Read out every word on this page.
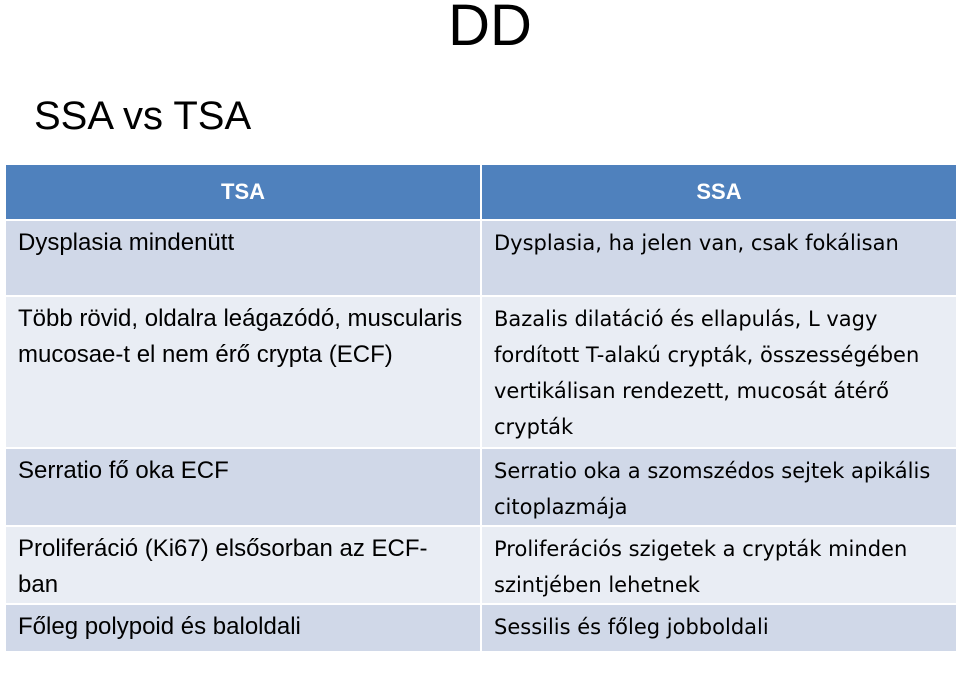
DD
SSA vs TSA
TSA	SSA
Dysplasia mindenütt	Dysplasia, ha jelen van, csak fokálisan
Több rövid, oldalra leágazódó, muscularis mucosae-t el nem érő crypta (ECF)	Bazalis dilatáció és ellapulás, L vagy fordított T-alakú crypták, összességében vertikálisan rendezett, mucosát átérő crypták
Serratio fő oka ECF	Serratio oka a szomszédos sejtek apikális citoplazmája
Proliferáció (Ki67) elsősorban az ECF-ban	Proliferációs szigetek a crypták minden szintjében lehetnek
Főleg polypoid és baloldali	Sessilis és főleg jobboldali
